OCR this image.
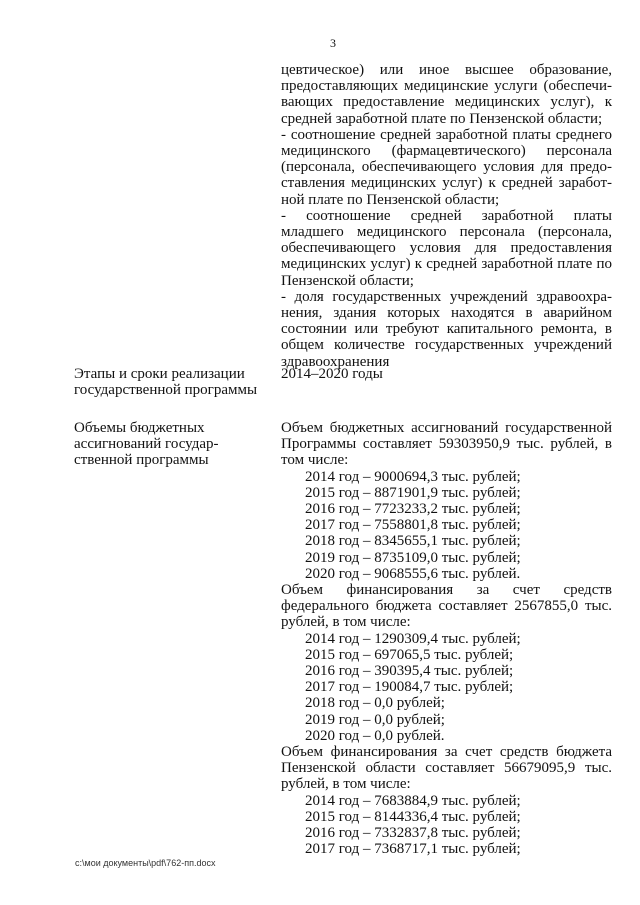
3

цевтическое) или иное высшее образование, предоставляющих медицинские услуги (обеспечи-вающих предоставление медицинских услуг), к средней заработной плате по Пензенской области;

- соотношение средней заработной платы среднего медицинского (фармацевтического) персонала (персонала, обеспечивающего условия для предо-ставления медицинских услуг) к средней заработ-ной плате по Пензенской области;

- соотношение средней заработной платы младшего медицинского персонала (персонала, обеспечивающего условия для предоставления медицинских услуг) к средней заработной плате по Пензенской области;

- доля государственных учреждений здравоохра-нения, здания которых находятся в аварийном состоянии или требуют капитального ремонта, в общем количестве государственных учреждений здравоохранения

Этапы и сроки реализации государственной программы

2014–2020 годы

Объемы бюджетных ассигнований государ-ственной программы

Объем бюджетных ассигнований государственной Программы составляет 59303950,9 тыс. рублей, в том числе:

2014 год – 9000694,3 тыс. рублей;

2015 год – 8871901,9 тыс. рублей;

2016 год – 7723233,2 тыс. рублей;

2017 год – 7558801,8 тыс. рублей;

2018 год – 8345655,1 тыс. рублей;

2019 год – 8735109,0 тыс. рублей;

2020 год – 9068555,6 тыс. рублей.

Объем финансирования за счет средств федерального бюджета составляет 2567855,0 тыс. рублей, в том числе:

2014 год – 1290309,4 тыс. рублей;

2015 год – 697065,5 тыс. рублей;

2016 год – 390395,4 тыс. рублей;

2017 год – 190084,7 тыс. рублей;

2018 год – 0,0 рублей;

2019 год – 0,0 рублей;

2020 год – 0,0 рублей.

Объем финансирования за счет средств бюджета Пензенской области составляет 56679095,9 тыс. рублей, в том числе:

2014 год – 7683884,9 тыс. рублей;

2015 год – 8144336,4 тыс. рублей;

2016 год – 7332837,8 тыс. рублей;

2017 год – 7368717,1 тыс. рублей;

c:\мои документы\pdf\762-пп.docx
